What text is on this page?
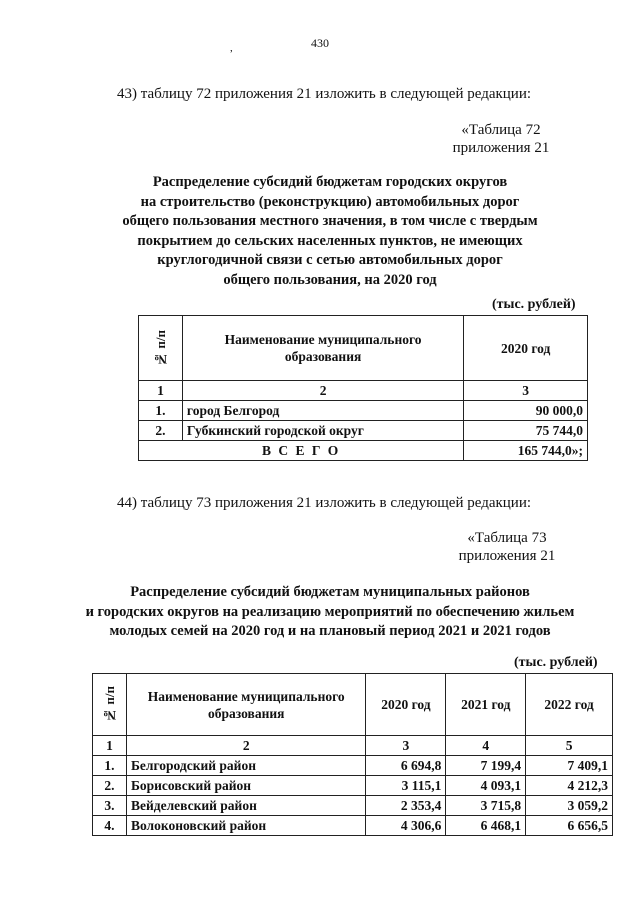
430
,
43) таблицу 72 приложения 21 изложить в следующей редакции:
«Таблица 72
приложения 21
Распределение субсидий бюджетам городских округов
на строительство (реконструкцию) автомобильных дорог
общего пользования местного значения, в том числе с твердым
покрытием до сельских населенных пунктов, не имеющих
круглогодичной связи с сетью автомобильных дорог
общего пользования, на 2020 год
(тыс. рублей)
№ п/п	Наименование муниципального образования	2020 год
1	2	3
1.	город Белгород	90 000,0
2.	Губкинский городской округ	75 744,0
В С Е Г О		165 744,0»;
44) таблицу 73 приложения 21 изложить в следующей редакции:
«Таблица 73
приложения 21
Распределение субсидий бюджетам муниципальных районов
и городских округов на реализацию мероприятий по обеспечению жильем
молодых семей на 2020 год и на плановый период 2021 и 2021 годов
(тыс. рублей)
№ п/п	Наименование муниципального образования	2020 год	2021 год	2022 год
1	2	3	4	5
1.	Белгородский район	6 694,8	7 199,4	7 409,1
2.	Борисовский район	3 115,1	4 093,1	4 212,3
3.	Вейделевский район	2 353,4	3 715,8	3 059,2
4.	Волоконовский район	4 306,6	6 468,1	6 656,5
